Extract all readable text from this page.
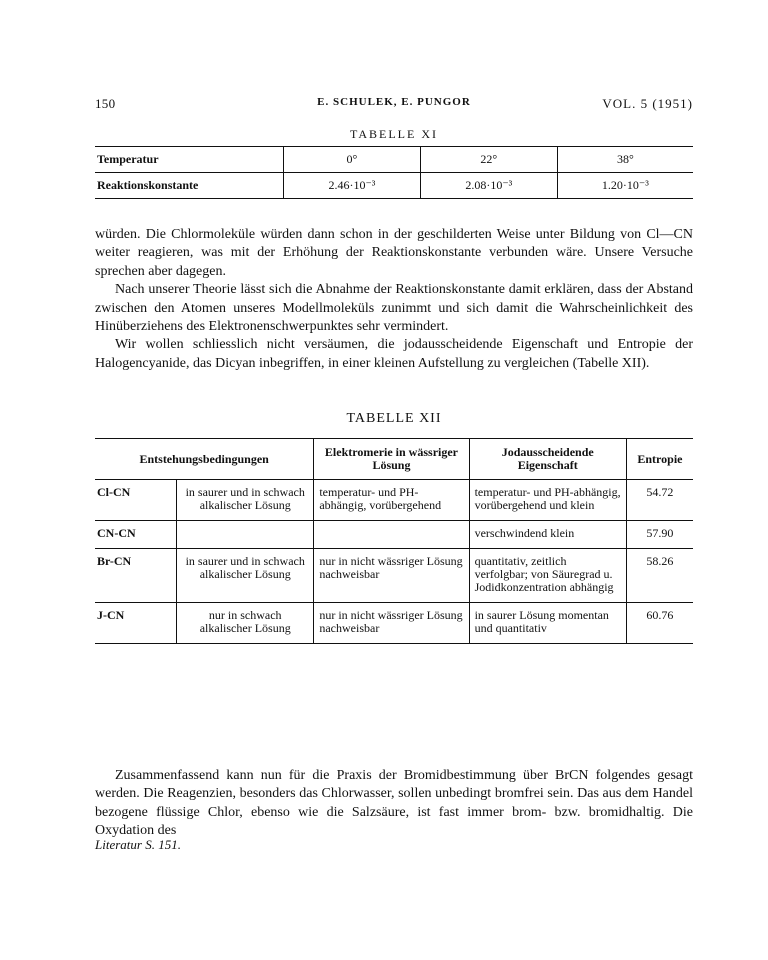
150	E. SCHULEK, E. PUNGOR	VOL. 5 (1951)
TABELLE XI
Temperatur	0°	22°	38°
Reaktionskonstante	2.46·10⁻³	2.08·10⁻³	1.20·10⁻³

würden. Die Chlormoleküle würden dann schon in der geschilderten Weise unter Bildung von Cl—CN weiter reagieren, was mit der Erhöhung der Reaktionskonstante verbunden wäre. Unsere Versuche sprechen aber dagegen.

Nach unserer Theorie lässt sich die Abnahme der Reaktionskonstante damit erklären, dass der Abstand zwischen den Atomen unseres Modellmoleküls zunimmt und sich damit die Wahrscheinlichkeit des Hinüberziehens des Elektronenschwerpunktes sehr vermindert.

Wir wollen schliesslich nicht versäumen, die jodausscheidende Eigenschaft und Entropie der Halogencyanide, das Dicyan inbegriffen, in einer kleinen Aufstellung zu vergleichen (Tabelle XII).

TABELLE XII
Entstehungsbedingungen		Elektromerie in wässriger Lösung	Jodausscheidende Eigenschaft	Entropie
Cl-CN	in saurer und in schwach alkalischer Lösung	temperatur- und PH-abhängig, vorübergehend	temperatur- und PH-abhängig, vorübergehend und klein	54.72
CN-CN			verschwindend klein	57.90
Br-CN	in saurer und in schwach alkalischer Lösung	nur in nicht wässriger Lösung nachweisbar	quantitativ, zeitlich verfolgbar; von Säuregrad u. Jodidkonzentration abhängig	58.26
J-CN	nur in schwach alkalischer Lösung	nur in nicht wässriger Lösung nachweisbar	in saurer Lösung momentan und quantitativ	60.76

Zusammenfassend kann nun für die Praxis der Bromidbestimmung über BrCN folgendes gesagt werden. Die Reagenzien, besonders das Chlorwasser, sollen unbedingt bromfrei sein. Das aus dem Handel bezogene flüssige Chlor, ebenso wie die Salzsäure, ist fast immer brom- bzw. bromidhaltig. Die Oxydation des

Literatur S. 151.
